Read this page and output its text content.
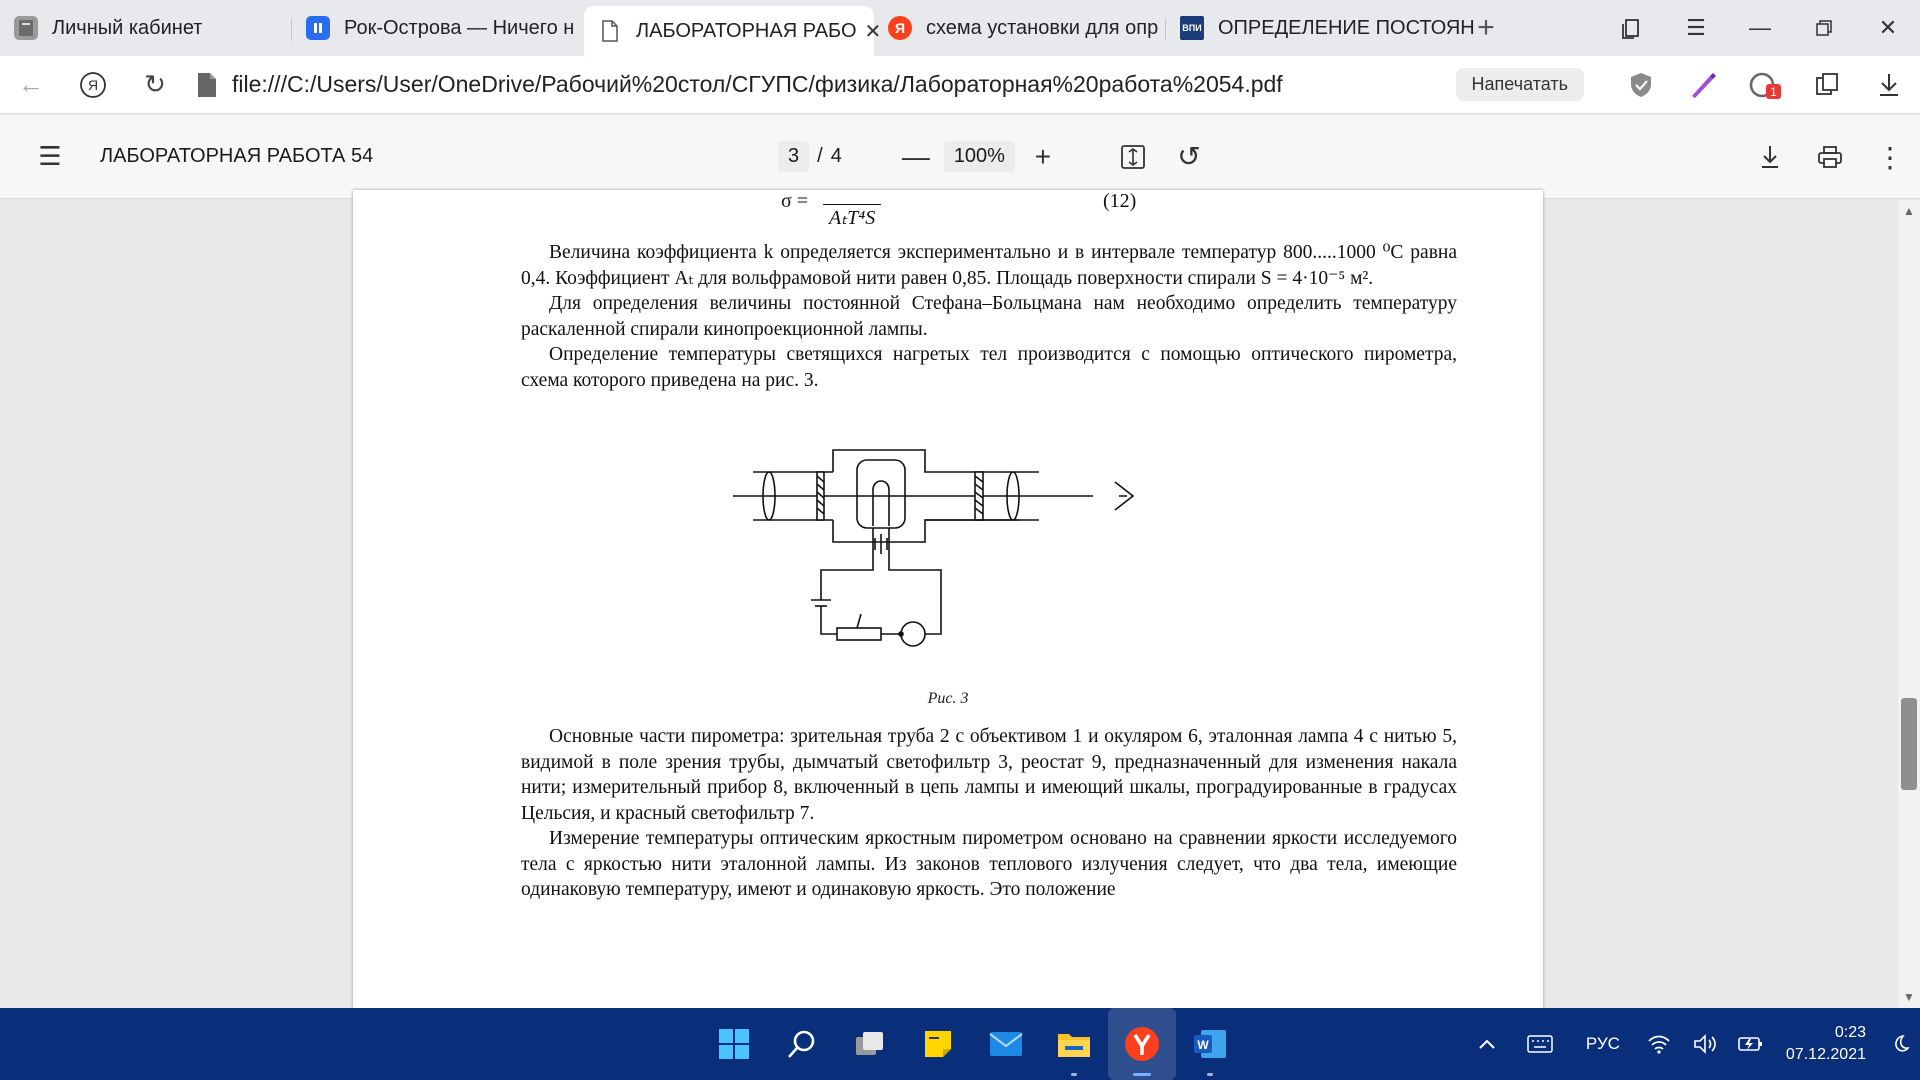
Личный кабинет	Рок-Острова — Ничего н	ЛАБОРАТОРНАЯ РАБО ✕ Я	схема установки для опр	ВПИ ОПРЕДЕЛЕНИЕ ПОСТОЯН +	☰	—	✕
←	Я	↻	file:///C:/Users/User/OneDrive/Рабочий%20стол/СГУПС/физика/Лабораторная%20работа%2054.pdf	Напечатать	1
☰	ЛАБОРАТОРНАЯ РАБОТА 54	3 / 4	—	100%	+	↺	⋮
σ =
AₜT⁴S
(12)

Величина коэффициента k определяется экспериментально и в интервале температур 800.....1000 ⁰С равна 0,4. Коэффициент Aₜ для вольфрамовой нити равен 0,85. Площадь поверхности спирали S = 4·10⁻⁵ м².

Для определения величины постоянной Стефана–Больцмана нам необходимо определить температуру раскаленной спирали кинопроекционной лампы.

Определение температуры светящихся нагретых тел производится с помощью оптического пирометра, схема которого приведена на рис. 3.

Рис. 3

Основные части пирометра: зрительная труба 2 с объективом 1 и окуляром 6, эталонная лампа 4 с нитью 5, видимой в поле зрения трубы, дымчатый светофильтр 3, реостат 9, предназначенный для изменения накала нити; измерительный прибор 8, включенный в цепь лампы и имеющий шкалы, проградуированные в градусах Цельсия, и красный светофильтр 7.

Измерение температуры оптическим яркостным пирометром основано на сравнении яркости исследуемого тела с яркостью нити эталонной лампы. Из законов теплового излучения следует, что два тела, имеющие одинаковую температуру, имеют и одинаковую яркость. Это положение

▲
▼
W	РУС
0:23
07.12.2021
